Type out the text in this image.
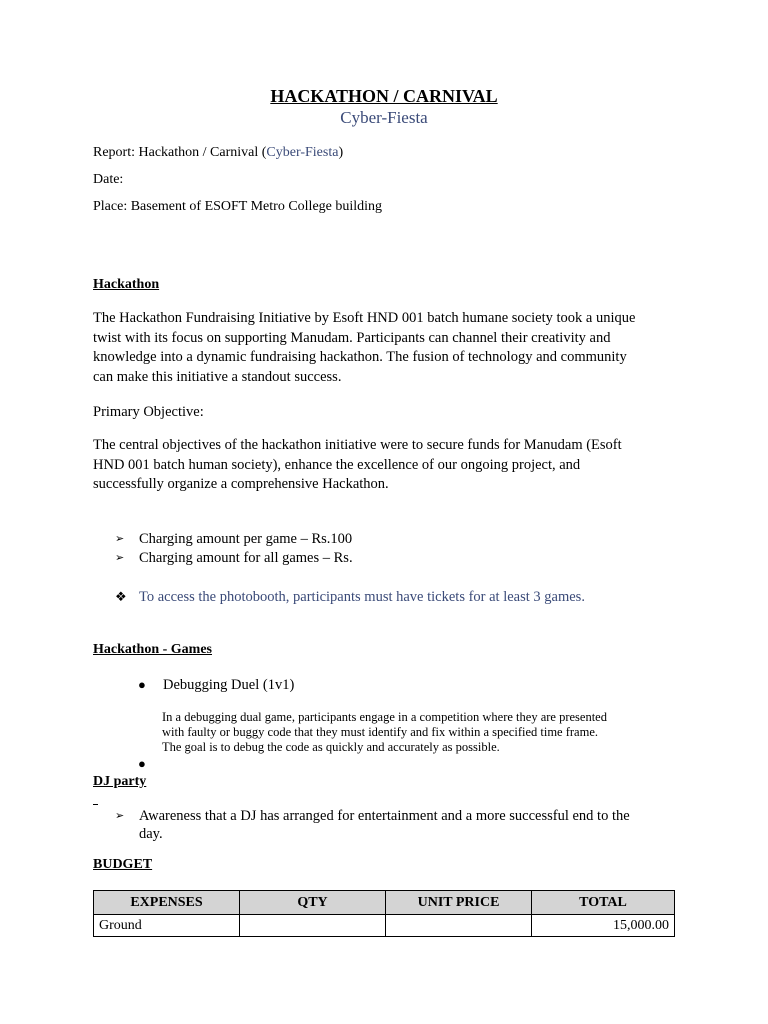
HACKATHON / CARNIVAL
Cyber-Fiesta
Report: Hackathon / Carnival (Cyber-Fiesta)
Date:
Place: Basement of ESOFT Metro College building
Hackathon
The Hackathon Fundraising Initiative by Esoft HND 001 batch humane society took a unique
twist with its focus on supporting Manudam. Participants can channel their creativity and
knowledge into a dynamic fundraising hackathon. The fusion of technology and community
can make this initiative a standout success.
Primary Objective:
The central objectives of the hackathon initiative were to secure funds for Manudam (Esoft
HND 001 batch human society), enhance the excellence of our ongoing project, and
successfully organize a comprehensive Hackathon.
➢ Charging amount per game – Rs.100
➢ Charging amount for all games – Rs.
❖ To access the photobooth, participants must have tickets for at least 3 games.
Hackathon - Games
● Debugging Duel (1v1)
In a debugging dual game, participants engage in a competition where they are presented
with faulty or buggy code that they must identify and fix within a specified time frame.
The goal is to debug the code as quickly and accurately as possible.
●
DJ party
➢ Awareness that a DJ has arranged for entertainment and a more successful end to the
day.
BUDGET
EXPENSES	QTY	UNIT PRICE	TOTAL
Ground			15,000.00
